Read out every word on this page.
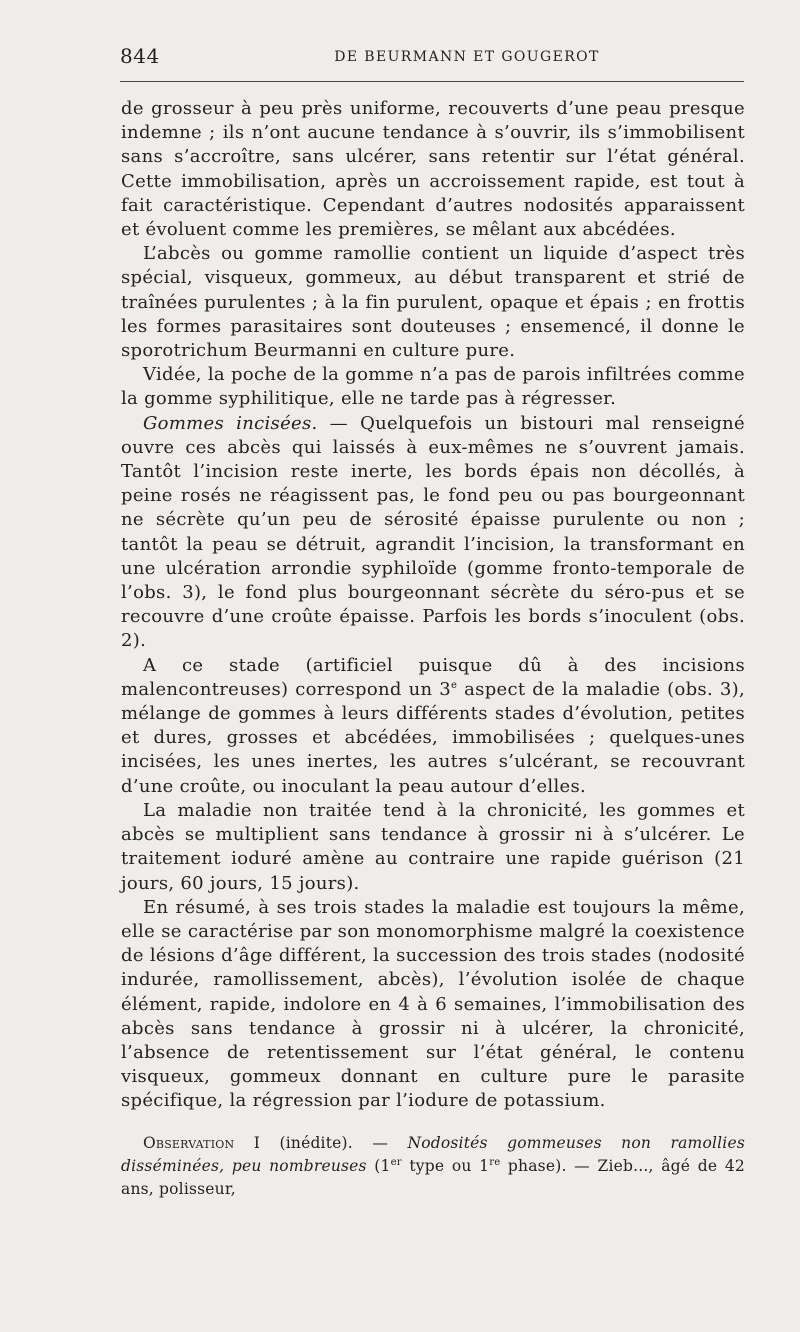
844	DE BEURMANN ET GOUGEROT

de grosseur à peu près uniforme, recouverts d’une peau presque indemne ; ils n’ont aucune tendance à s’ouvrir, ils s’immobilisent sans s’accroître, sans ulcérer, sans retentir sur l’état général. Cette immobilisation, après un accroissement rapide, est tout à fait caractéristique. Cependant d’autres nodosités apparaissent et évoluent comme les premières, se mêlant aux abcédées.

L’abcès ou gomme ramollie contient un liquide d’aspect très spécial, visqueux, gommeux, au début transparent et strié de traînées purulentes ; à la fin purulent, opaque et épais ; en frottis les formes parasitaires sont douteuses ; ensemencé, il donne le sporotrichum Beurmanni en culture pure.

Vidée, la poche de la gomme n’a pas de parois infiltrées comme la gomme syphilitique, elle ne tarde pas à régresser.

Gommes incisées. — Quelquefois un bistouri mal renseigné ouvre ces abcès qui laissés à eux-mêmes ne s’ouvrent jamais. Tantôt l’incision reste inerte, les bords épais non décollés, à peine rosés ne réagissent pas, le fond peu ou pas bourgeonnant ne sécrète qu’un peu de sérosité épaisse purulente ou non ; tantôt la peau se détruit, agrandit l’incision, la transformant en une ulcération arrondie syphiloïde (gomme fronto-temporale de l’obs. 3), le fond plus bourgeonnant sécrète du séro-pus et se recouvre d’une croûte épaisse. Parfois les bords s’inoculent (obs. 2).

A ce stade (artificiel puisque dû à des incisions malencontreuses) correspond un 3e aspect de la maladie (obs. 3), mélange de gommes à leurs différents stades d’évolution, petites et dures, grosses et abcédées, immobilisées ; quelques-unes incisées, les unes inertes, les autres s’ulcérant, se recouvrant d’une croûte, ou inoculant la peau autour d’elles.

La maladie non traitée tend à la chronicité, les gommes et abcès se multiplient sans tendance à grossir ni à s’ulcérer. Le traitement ioduré amène au contraire une rapide guérison (21 jours, 60 jours, 15 jours).

En résumé, à ses trois stades la maladie est toujours la même, elle se caractérise par son monomorphisme malgré la coexistence de lésions d’âge différent, la succession des trois stades (nodosité indurée, ramollissement, abcès), l’évolution isolée de chaque élément, rapide, indolore en 4 à 6 semaines, l’immobilisation des abcès sans tendance à grossir ni à ulcérer, la chronicité, l’absence de retentissement sur l’état général, le contenu visqueux, gommeux donnant en culture pure le parasite spécifique, la régression par l’iodure de potassium.

Observation I (inédite). — Nodosités gommeuses non ramollies disséminées, peu nombreuses (1er type ou 1re phase). — Zieb..., âgé de 42 ans, polisseur,
